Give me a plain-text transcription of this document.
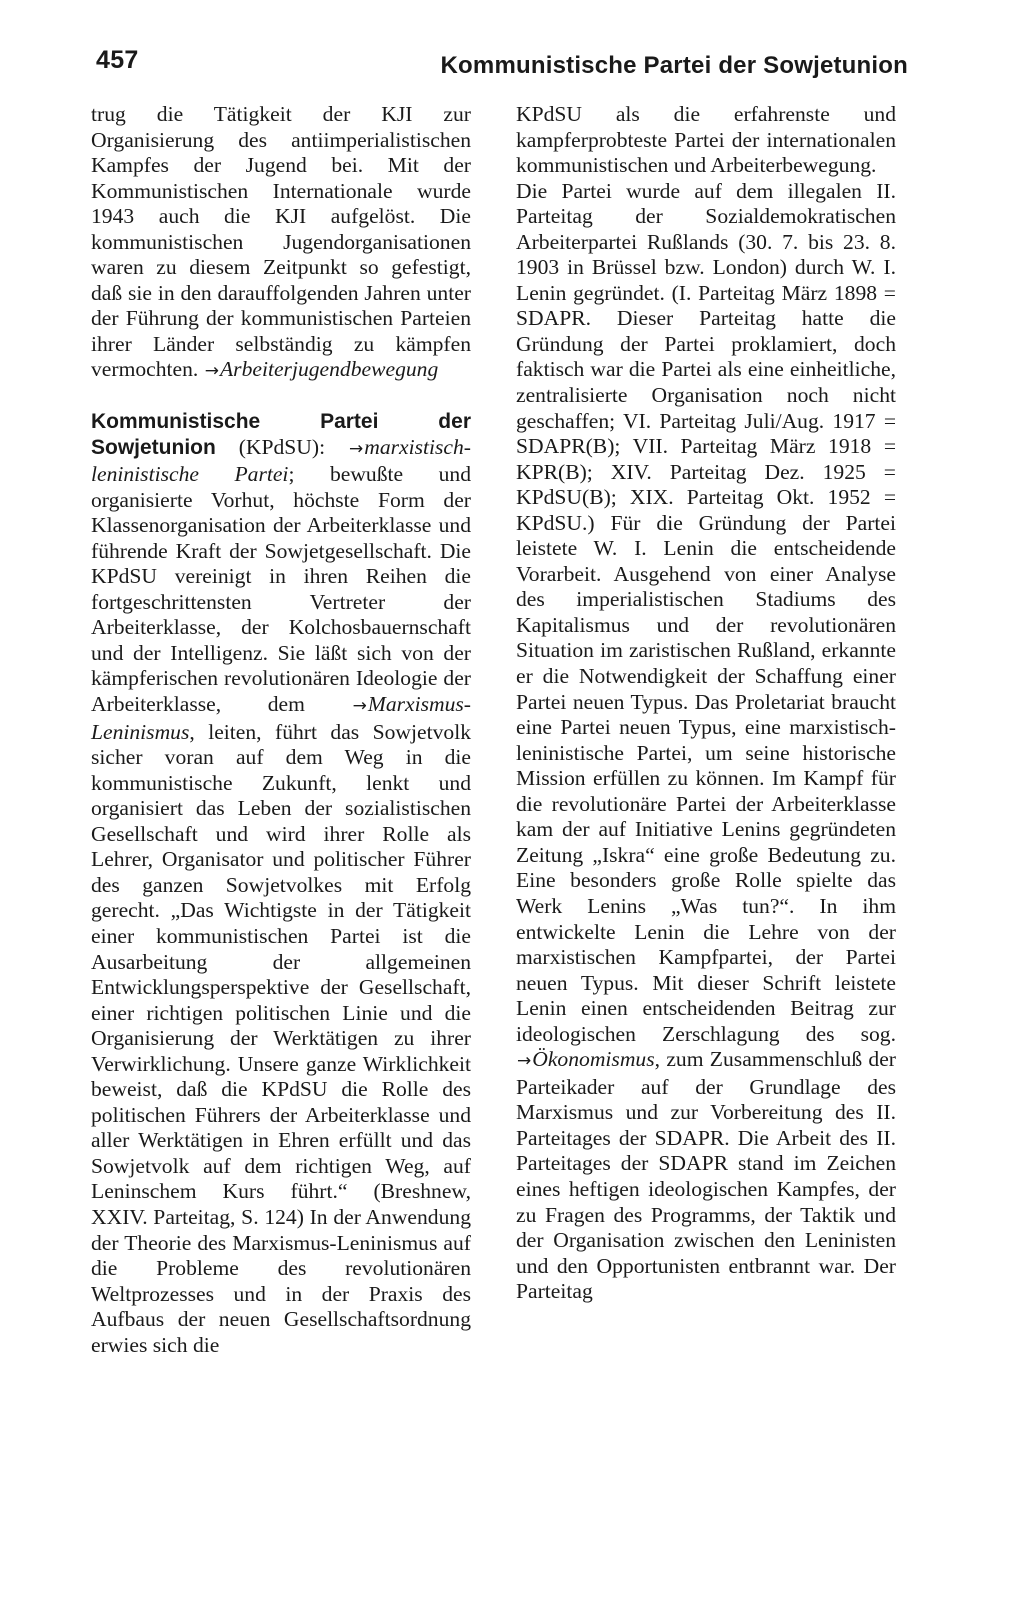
457	Kommunistische Partei der Sowjetunion

trug die Tätigkeit der KJI zur Organisierung des antiimperialistischen Kampfes der Jugend bei. Mit der Kommunistischen Internationale wurde 1943 auch die KJI aufgelöst. Die kommunistischen Jugendorganisationen waren zu diesem Zeitpunkt so gefestigt, daß sie in den darauffolgenden Jahren unter der Führung der kommunistischen Parteien ihrer Länder selbständig zu kämpfen vermochten. →Arbeiterjugendbewegung

Kommunistische Partei der Sowjetunion (KPdSU): →marxistisch-leninistische Partei; bewußte und organisierte Vorhut, höchste Form der Klassenorganisation der Arbeiterklasse und führende Kraft der Sowjetgesellschaft. Die KPdSU vereinigt in ihren Reihen die fortgeschrittensten Vertreter der Arbeiterklasse, der Kolchosbauernschaft und der Intelligenz. Sie läßt sich von der kämpferischen revolutionären Ideologie der Arbeiterklasse, dem	→Marxismus-Leninismus, leiten, führt das Sowjetvolk sicher voran auf dem Weg in die kommunistische Zukunft, lenkt und organisiert das Leben der sozialistischen Gesellschaft und wird ihrer Rolle als Lehrer, Organisator und politischer Führer des ganzen Sowjetvolkes mit Erfolg gerecht. „Das Wichtigste in der Tätigkeit einer kommunistischen Partei ist die Ausarbeitung der allgemeinen Entwicklungsperspektive der Gesellschaft, einer richtigen politischen Linie und die Organisierung der Werktätigen zu ihrer Verwirklichung. Unsere ganze Wirklichkeit beweist, daß die KPdSU die Rolle des politischen Führers der Arbeiterklasse und aller Werktätigen in Ehren erfüllt und das Sowjetvolk auf dem richtigen Weg, auf Leninschem Kurs führt.“ (Breshnew, XXIV. Parteitag, S. 124) In der Anwendung der Theorie des Marxismus-Leninismus auf die Probleme des revolutionären Weltprozesses und in der Praxis des Aufbaus der neuen Gesellschaftsordnung erwies sich die

KPdSU als die erfahrenste und kampferprobteste Partei der internationalen kommunistischen und Arbeiterbewegung.

Die Partei wurde auf dem illegalen II. Parteitag der Sozialdemokratischen Arbeiterpartei Rußlands (30. 7. bis 23. 8. 1903 in Brüssel bzw. London) durch W. I. Lenin gegründet. (I. Parteitag März 1898 = SDAPR. Dieser Parteitag hatte die Gründung der Partei proklamiert, doch faktisch war die Partei als eine einheitliche, zentralisierte Organisation noch nicht geschaffen; VI. Parteitag Juli/Aug. 1917 = SDAPR(B); VII. Parteitag März 1918 = KPR(B); XIV. Parteitag Dez. 1925 = KPdSU(B); XIX. Parteitag Okt. 1952 = KPdSU.) Für die Gründung der Partei leistete W. I. Lenin die entscheidende Vorarbeit. Ausgehend von einer Analyse des imperialistischen Stadiums des Kapitalismus und der revolutionären Situation im zaristischen Rußland, erkannte er die Notwendigkeit der Schaffung einer Partei neuen Typus. Das Proletariat braucht eine Partei neuen Typus, eine marxistisch-leninistische Partei, um seine historische Mission erfüllen zu können. Im Kampf für die revolutionäre Partei der Arbeiterklasse kam der auf Initiative Lenins gegründeten Zeitung „Iskra“ eine große Bedeutung zu. Eine besonders große Rolle spielte das Werk Lenins „Was tun?“. In ihm entwickelte Lenin die Lehre von der marxistischen Kampfpartei, der Partei neuen Typus. Mit dieser Schrift leistete Lenin einen entscheidenden Beitrag zur ideologischen Zerschlagung des sog. →Ökonomismus, zum Zusammenschluß der Parteikader auf der Grundlage des Marxismus und zur Vorbereitung des II. Parteitages der SDAPR. Die Arbeit des II. Parteitages der SDAPR stand im Zeichen eines heftigen ideologischen Kampfes, der zu Fragen des Programms, der Taktik und der Organisation zwischen den Leninisten und den Opportunisten entbrannt war. Der Parteitag
